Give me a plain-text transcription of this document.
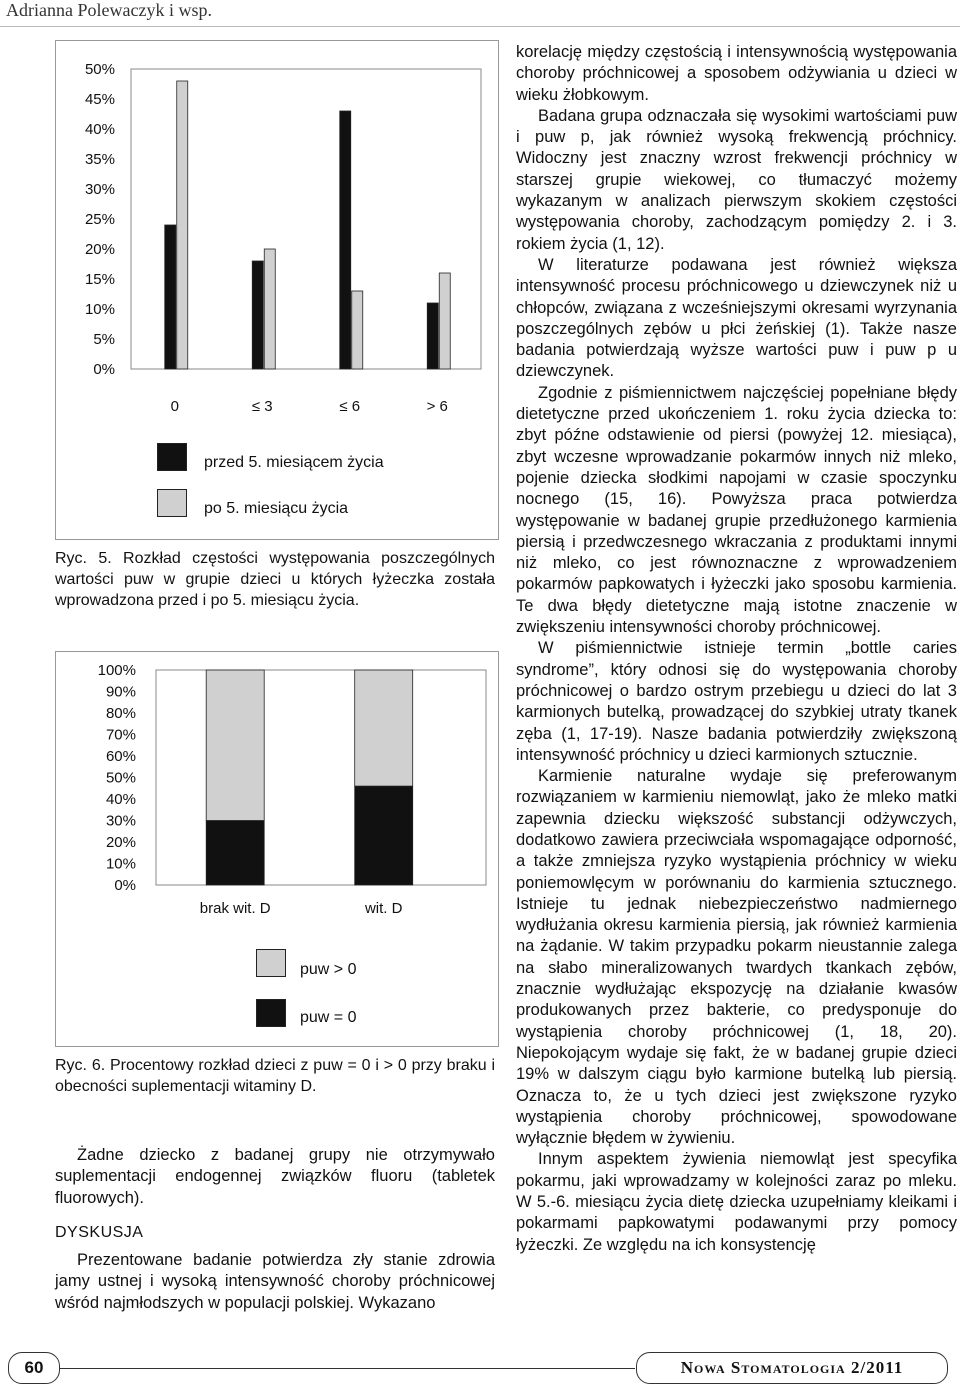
Adrianna Polewaczyk i wsp.
50%
45%
40%
35%
30%
25%
20%
15%
10%
5%
0%
0	≤ 3	≤ 6	> 6
przed 5. miesiącem życia
po 5. miesiącu życia
Ryc. 5. Rozkład częstości występowania poszczególnych wartości puw w grupie dzieci u których łyżeczka została wprowadzona przed i po 5. miesiącu życia.
100%
90%
80%
70%
60%
50%
40%
30%
20%
10%
0%
brak wit. D	wit. D
puw > 0
puw = 0
Ryc. 6. Procentowy rozkład dzieci z puw = 0 i > 0 przy braku i obecności suplementacji witaminy D.

Żadne dziecko z badanej grupy nie otrzymywało suplementacji endogennej związków fluoru (tabletek fluorowych).

DYSKUSJA

Prezentowane badanie potwierdza zły stanie zdrowia jamy ustnej i wysoką intensywność choroby próchnicowej wśród najmłodszych w populacji polskiej. Wykazano

korelację między częstością i intensywnością występowania choroby próchnicowej a sposobem odżywiania u dzieci w wieku żłobkowym.

Badana grupa odznaczała się wysokimi wartościami puw i puw p, jak również wysoką frekwencją próchnicy. Widoczny jest znaczny wzrost frekwencji próchnicy w starszej grupie wiekowej, co tłumaczyć możemy wykazanym w analizach pierwszym skokiem częstości występowania choroby, zachodzącym pomiędzy 2. i 3. rokiem życia (1, 12).

W literaturze podawana jest również większa intensywność procesu próchnicowego u dziewczynek niż u chłopców, związana z wcześniejszymi okresami wyrzynania poszczególnych zębów u płci żeńskiej (1). Także nasze badania potwierdzają wyższe wartości puw i puw p u dziewczynek.

Zgodnie z piśmiennictwem najczęściej popełniane błędy dietetyczne przed ukończeniem 1. roku życia dziecka to: zbyt późne odstawienie od piersi (powyżej 12. miesiąca), zbyt wczesne wprowadzanie pokarmów innych niż mleko, pojenie dziecka słodkimi napojami w czasie spoczynku nocnego (15, 16). Powyższa praca potwierdza występowanie w badanej grupie przedłużonego karmienia piersią i przedwczesnego wkraczania z produktami innymi niż mleko, co jest równoznaczne z wprowadzeniem pokarmów papkowatych i łyżeczki jako sposobu karmienia. Te dwa błędy dietetyczne mają istotne znaczenie w zwiększeniu intensywności choroby próchnicowej.

W piśmiennictwie istnieje termin „bottle caries syndrome”, który odnosi się do występowania choroby próchnicowej o bardzo ostrym przebiegu u dzieci do lat 3 karmionych butelką, prowadzącej do szybkiej utraty tkanek zęba (1, 17-19). Nasze badania potwierdziły zwiększoną intensywność próchnicy u dzieci karmionych sztucznie.

Karmienie naturalne wydaje się preferowanym rozwiązaniem w karmieniu niemowląt, jako że mleko matki zapewnia dziecku większość substancji odżywczych, dodatkowo zawiera przeciwciała wspomagające odporność, a także zmniejsza ryzyko wystąpienia próchnicy w wieku poniemowlęcym w porównaniu do karmienia sztucznego. Istnieje tu jednak niebezpieczeństwo nadmiernego wydłużania okresu karmienia piersią, jak również karmienia na żądanie. W takim przypadku pokarm nieustannie zalega na słabo mineralizowanych twardych tkankach zębów, znacznie wydłużając ekspozycję na działanie kwasów produkowanych przez bakterie, co predysponuje do wystąpienia choroby próchnicowej (1, 18, 20). Niepokojącym wydaje się fakt, że w badanej grupie dzieci 19% w dalszym ciągu było karmione butelką lub piersią. Oznacza to, że u tych dzieci jest zwiększone ryzyko wystąpienia choroby próchnicowej, spowodowane wyłącznie błędem w żywieniu.

Innym aspektem żywienia niemowląt jest specyfika pokarmu, jaki wprowadzamy w kolejności zaraz po mleku. W 5.-6. miesiącu życia dietę dziecka uzupełniamy kleikami i pokarmami papkowatymi podawanymi przy pomocy łyżeczki. Ze względu na ich konsystencję

60	Nowa Stomatologia 2/2011
